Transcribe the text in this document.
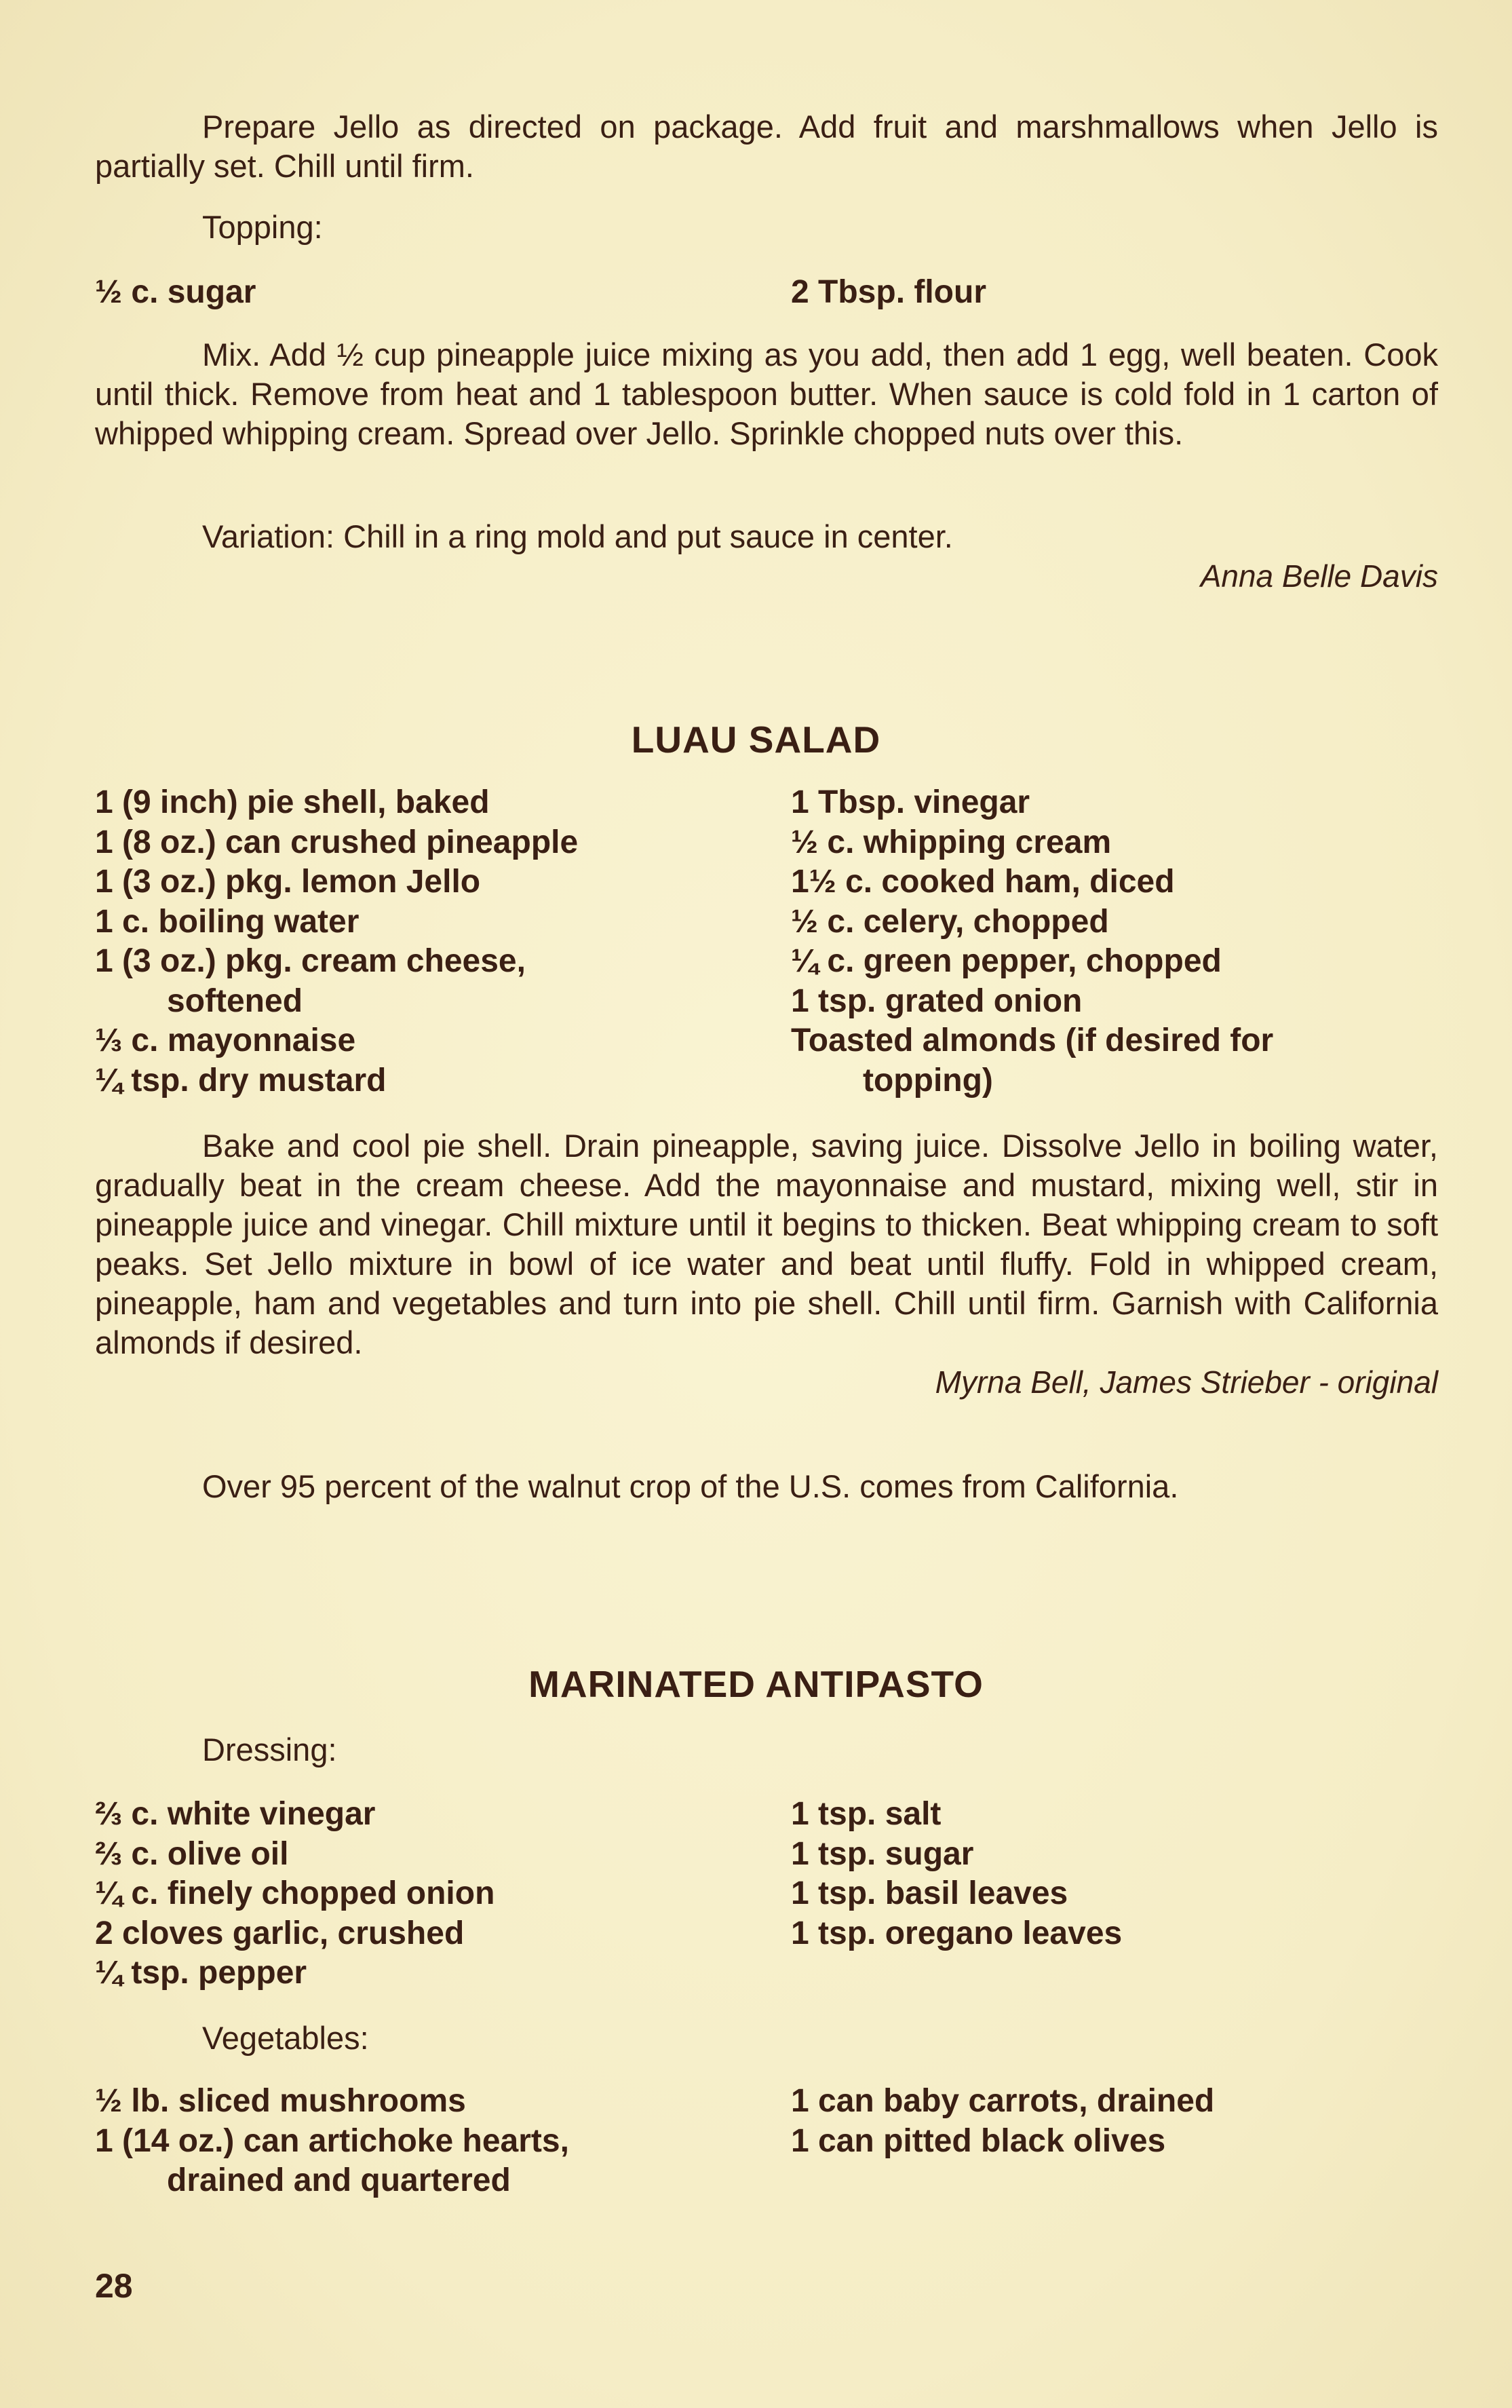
Prepare Jello as directed on package. Add fruit and marshmallows when Jello is partially set. Chill until firm.

Topping:
½ c. sugar	2 Tbsp. flour

Mix. Add ½ cup pineapple juice mixing as you add, then add 1 egg, well beaten. Cook until thick. Remove from heat and 1 tablespoon butter. When sauce is cold fold in 1 carton of whipped whipping cream. Spread over Jello. Sprinkle chopped nuts over this.

Variation: Chill in a ring mold and put sauce in center.
Anna Belle Davis
LUAU SALAD
1 (9 inch) pie shell, baked
1 (8 oz.) can crushed pineapple
1 (3 oz.) pkg. lemon Jello
1 c. boiling water
1 (3 oz.) pkg. cream cheese,
softened
⅓ c. mayonnaise
¼ tsp. dry mustard
1 Tbsp. vinegar
½ c. whipping cream
1½ c. cooked ham, diced
½ c. celery, chopped
¼ c. green pepper, chopped
1 tsp. grated onion
Toasted almonds (if desired for
topping)

Bake and cool pie shell. Drain pineapple, saving juice. Dissolve Jello in boiling water, gradually beat in the cream cheese. Add the mayonnaise and mustard, mixing well, stir in pineapple juice and vinegar. Chill mixture until it begins to thicken. Beat whipping cream to soft peaks. Set Jello mixture in bowl of ice water and beat until fluffy. Fold in whipped cream, pineapple, ham and vegetables and turn into pie shell. Chill until firm. Garnish with California almonds if desired.

Myrna Bell, James Strieber - original
Over 95 percent of the walnut crop of the U.S. comes from California.
MARINATED ANTIPASTO
Dressing:
⅔ c. white vinegar
⅔ c. olive oil
¼ c. finely chopped onion
2 cloves garlic, crushed
¼ tsp. pepper
1 tsp. salt
1 tsp. sugar
1 tsp. basil leaves
1 tsp. oregano leaves
Vegetables:
½ lb. sliced mushrooms
1 (14 oz.) can artichoke hearts,
drained and quartered
1 can baby carrots, drained
1 can pitted black olives
28
